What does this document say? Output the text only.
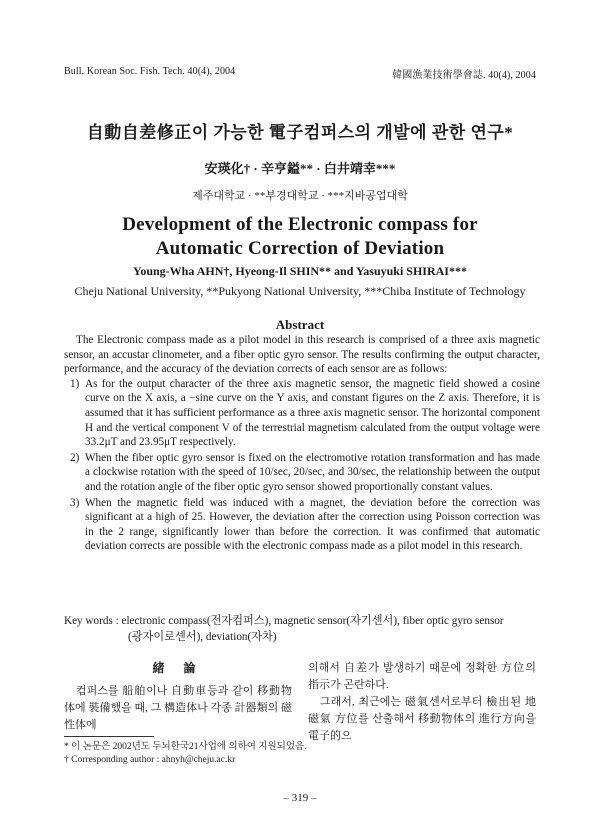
Bull. Korean Soc. Fish. Tech. 40(4), 2004	韓國漁業技術學會誌. 40(4), 2004
自動自差修正이 가능한 電子컴퍼스의 개발에 관한 연구*
安瑛化† · 辛亨鎰** · 白井靖幸***
제주대학교 · **부경대학교 · ***지바공업대학
Development of the Electronic compass for
Automatic Correction of Deviation
Young-Wha AHN†, Hyeong-Il SHIN** and Yasuyuki SHIRAI***
Cheju National University, **Pukyong National University, ***Chiba Institute of Technology
Abstract

The Electronic compass made as a pilot model in this research is comprised of a three axis magnetic sensor, an accustar clinometer, and a fiber optic gyro sensor. The results confirming the output character, performance, and the accuracy of the deviation corrects of each sensor are as follows:

1) As for the output character of the three axis magnetic sensor, the magnetic field showed a cosine curve on the X axis, a −sine curve on the Y axis, and constant figures on the Z axis. Therefore, it is assumed that it has sufficient performance as a three axis magnetic sensor. The horizontal component H and the vertical component V of the terrestrial magnetism calculated from the output voltage were 33.2μT and 23.95μT respectively.
2) When the fiber optic gyro sensor is fixed on the electromotive rotation transformation and has made a clockwise rotation with the speed of 10/sec, 20/sec, and 30/sec, the relationship between the output and the rotation angle of the fiber optic gyro sensor showed proportionally constant values.
3) When the magnetic field was induced with a magnet, the deviation before the correction was significant at a high of 25. However, the deviation after the correction using Poisson correction was in the 2 range, significantly lower than before the correction. It was confirmed that automatic deviation corrects are possible with the electronic compass made as a pilot model in this research.
Key words : electronic compass(전자컴퍼스), magnetic sensor(자기센서), fiber optic gyro sensor
(광자이로센서), deviation(자차)
緒 論

컴퍼스를 船舶이나 自動車등과 같이 移動物体에 裝備했을 때, 그 構造体나 각종 計器類의 磁性体에

의해서 自差가 발생하기 때문에 정확한 方位의 指示가 곤란하다.

그래서, 최근에는 磁氣센서로부터 檢出된 地磁氣 方位를 산출해서 移動物体의 進行方向을 電子的으

* 이 논문은 2002년도 두뇌한국21사업에 의하여 지원되었음.
† Corresponding author : ahnyh@cheju.ac.kr
– 319 –
